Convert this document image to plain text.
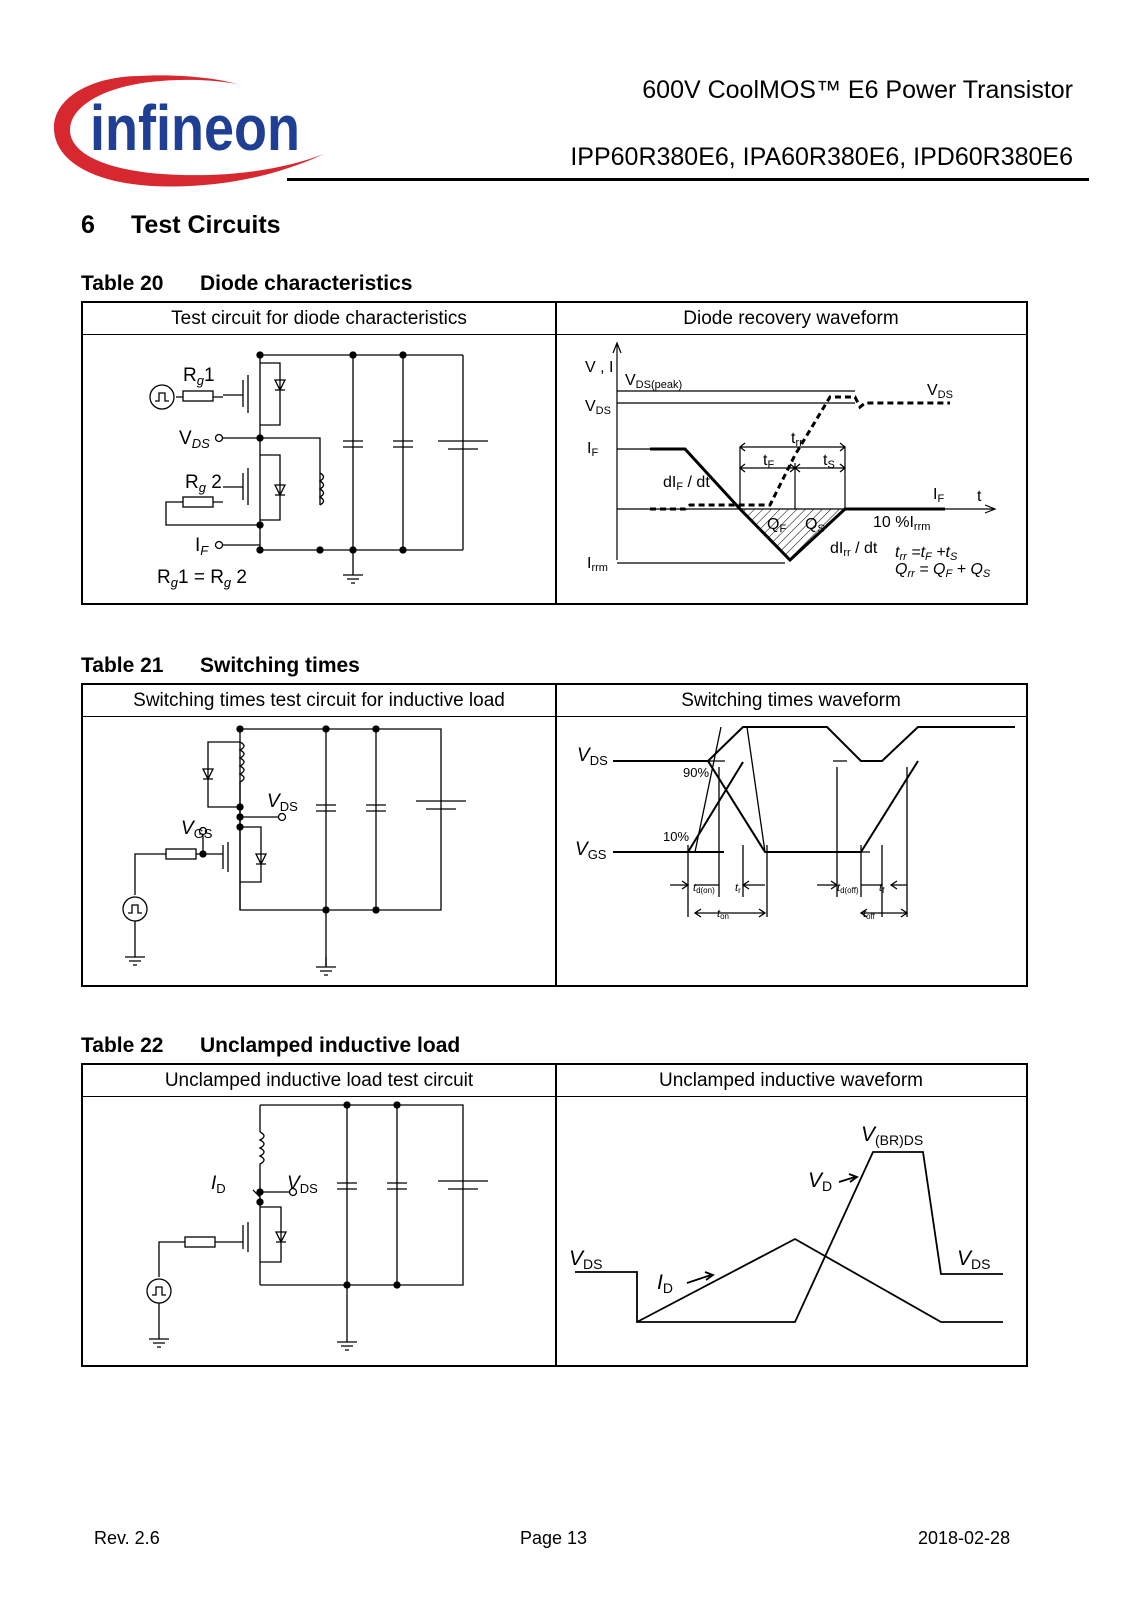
infineon
600V CoolMOS™ E6 Power Transistor
IPP60R380E6, IPA60R380E6, IPD60R380E6
6 Test Circuits
Table 20 Diode characteristics
Test circuit for diode characteristics	Diode recovery waveform
$R_g1$
$V_{DS}$
$R_g$ 2
$I_F$
$R_g1 = R_g$ 2
V , I
VDS(peak)
VDS
VDS
IF
IF t
Irrm
trr
tF	tS
dIF / dt
QF QS	10 %Irrm
dIrr / dt trr =tF +tS
Qrr = QF + QS
Table 21 Switching times
Switching times test circuit for inductive load	Switching times waveform
$V_{DS}$
$V_{GS}$
$V_{DS}$
$V_{GS}$
90%
10%
td(on) tr
ton
td(off) tf
toff
Table 22 Unclamped inductive load
Unclamped inductive load test circuit	Unclamped inductive waveform
$I_D$	$V_{DS}$
V(BR)DS
VD
VDS	VDS
ID
Rev. 2.6	Page 13	2018-02-28
